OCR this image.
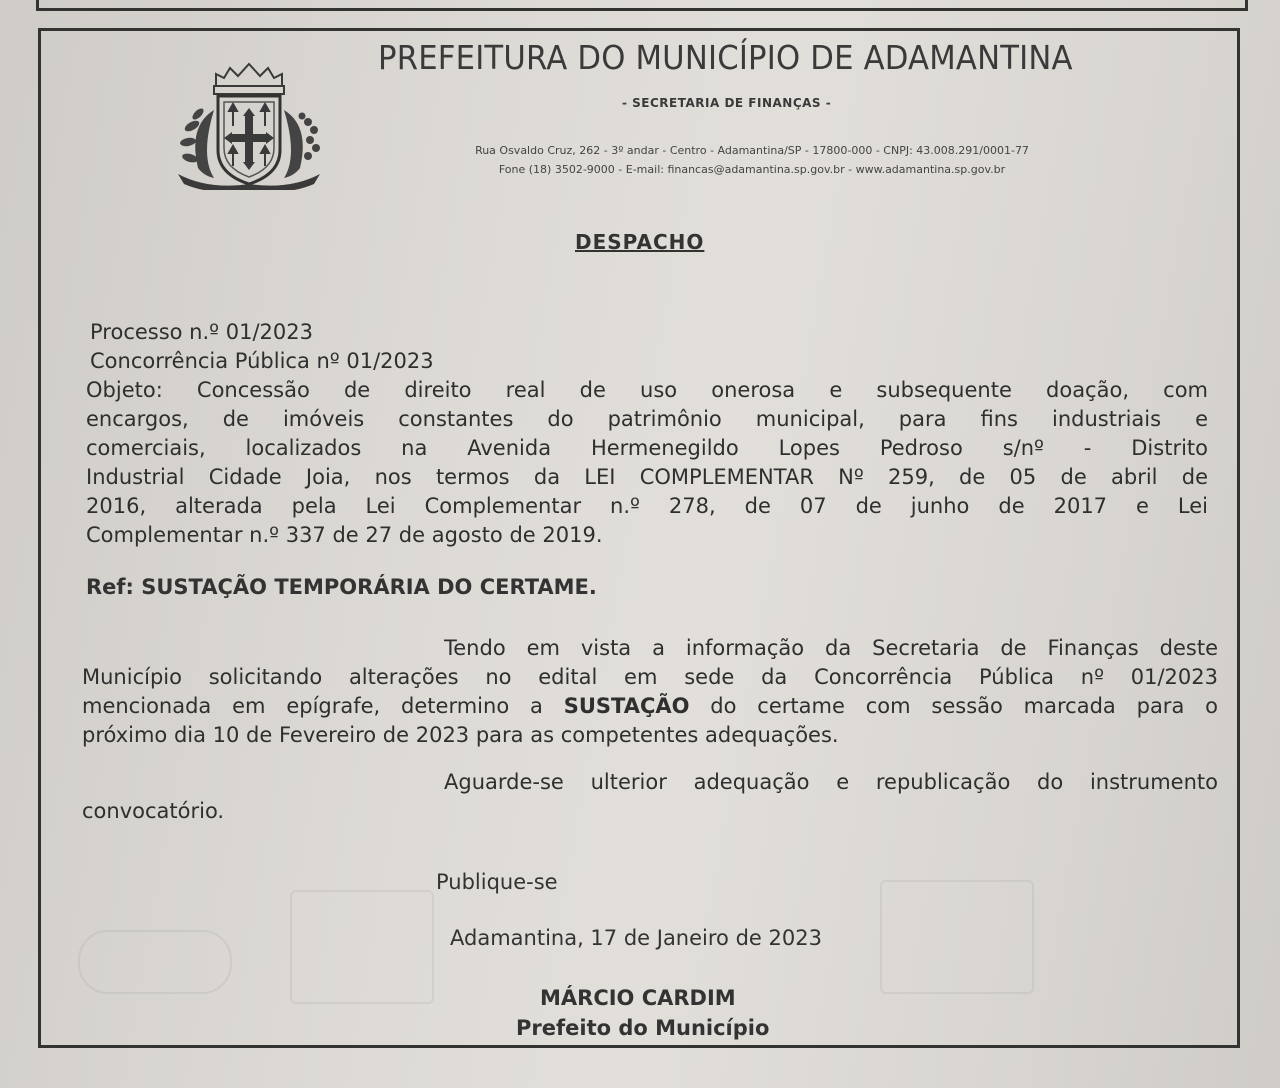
PREFEITURA DO MUNICÍPIO DE ADAMANTINA
- SECRETARIA DE FINANÇAS -
Rua Osvaldo Cruz, 262 - 3º andar - Centro - Adamantina/SP - 17800-000 - CNPJ: 43.008.291/0001-77
Fone (18) 3502-9000 - E-mail: financas@adamantina.sp.gov.br - www.adamantina.sp.gov.br
DESPACHO
Processo n.º 01/2023
Concorrência Pública nº 01/2023
Objeto: Concessão de direito real de uso onerosa e subsequente doação, com
encargos, de imóveis constantes do patrimônio municipal, para fins industriais e
comerciais, localizados na Avenida Hermenegildo Lopes Pedroso s/nº - Distrito
Industrial Cidade Joia, nos termos da LEI COMPLEMENTAR Nº 259, de 05 de abril de
2016, alterada pela Lei Complementar n.º 278, de 07 de junho de 2017 e Lei
Complementar n.º 337 de 27 de agosto de 2019.
Ref: SUSTAÇÃO TEMPORÁRIA DO CERTAME.
Tendo em vista a informação da Secretaria de Finanças deste
Município solicitando alterações no edital em sede da Concorrência Pública nº 01/2023
mencionada em epígrafe, determino a SUSTAÇÃO do certame com sessão marcada para o
próximo dia 10 de Fevereiro de 2023 para as competentes adequações.
Aguarde-se ulterior adequação e republicação do instrumento
convocatório.
Publique-se
Adamantina, 17 de Janeiro de 2023
MÁRCIO CARDIM
Prefeito do Município
